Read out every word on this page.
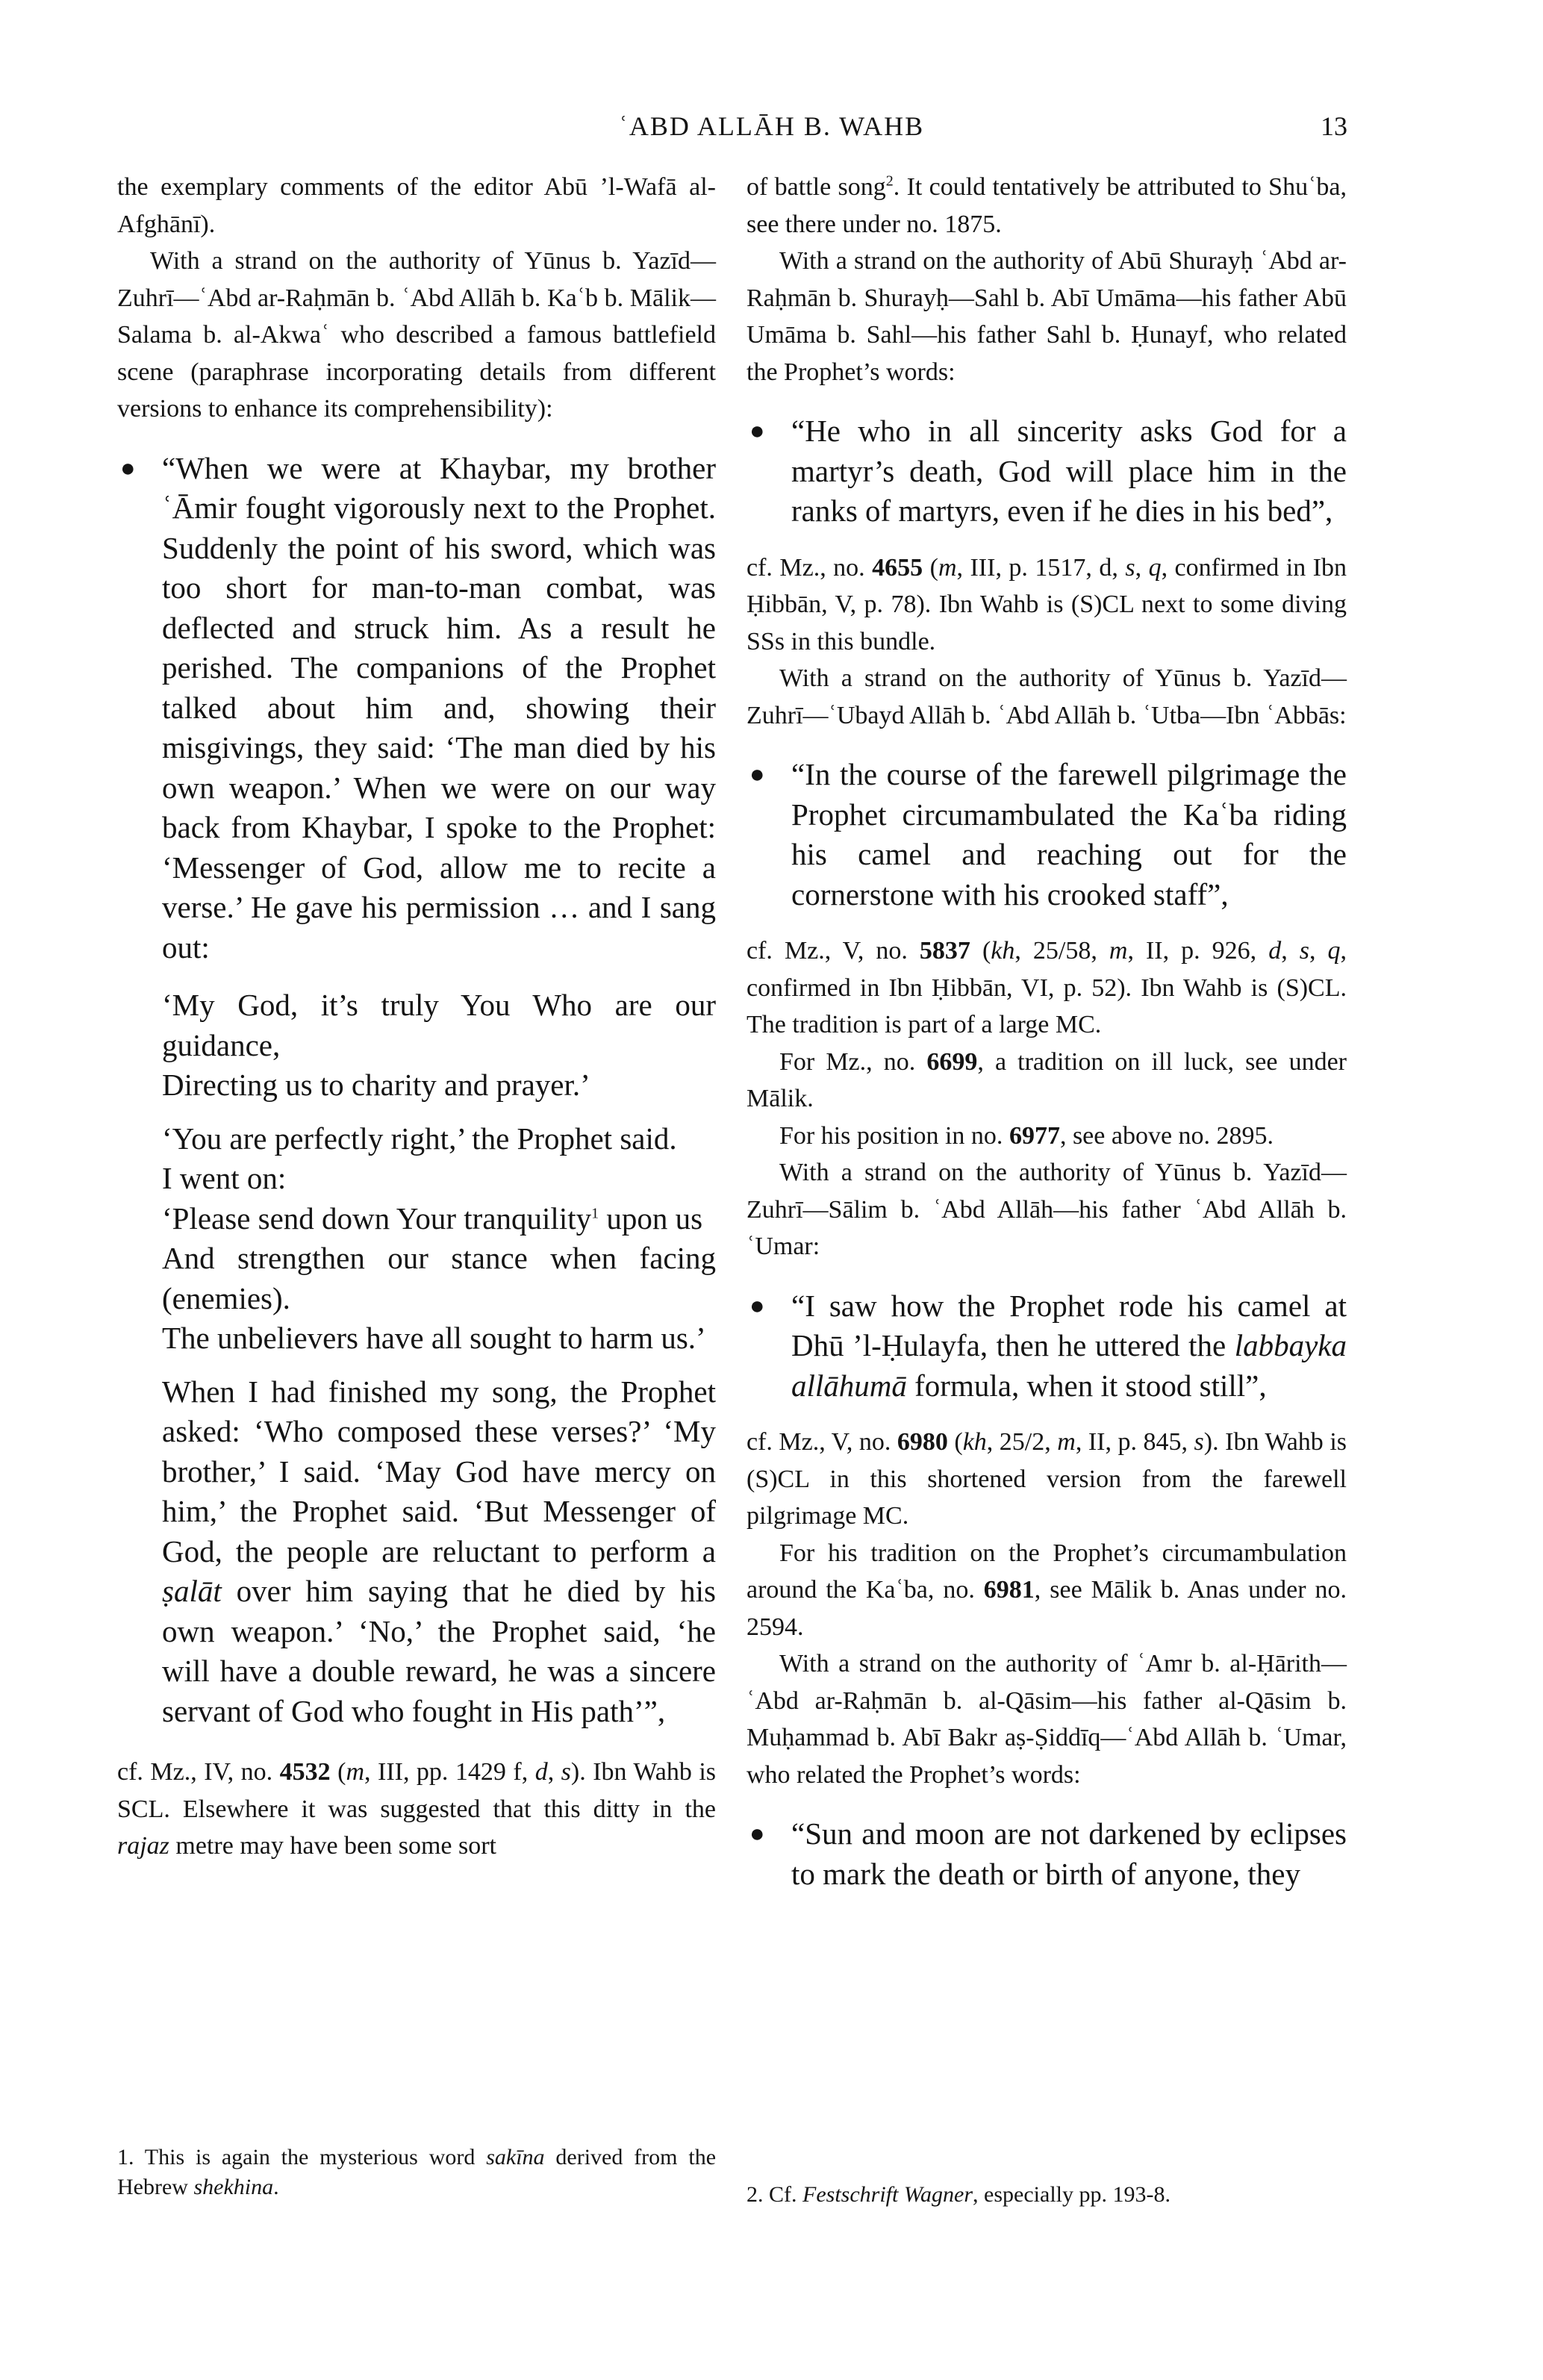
ʿABD ALLĀH B. WAHB	13

the exemplary comments of the editor Abū ’l-Wafā al-Afghānī).

With a strand on the authority of Yūnus b. Yazīd—Zuhrī—ʿAbd ar-Raḥmān b. ʿAbd Allāh b. Kaʿb b. Mālik—Salama b. al-Akwaʿ who described a famous battlefield scene (paraphrase incorporating details from different versions to enhance its comprehensibility):

● “When we were at Khaybar, my brother ʿĀmir fought vigorously next to the Prophet. Suddenly the point of his sword, which was too short for man-to-man combat, was deflected and struck him. As a result he perished. The companions of the Prophet talked about him and, showing their misgivings, they said: ‘The man died by his own weapon.’ When we were on our way back from Khaybar, I spoke to the Prophet: ‘Messenger of God, allow me to recite a verse.’ He gave his permission … and I sang out:

‘My God, it’s truly You Who are our guidance,

Directing us to charity and prayer.’

‘You are perfectly right,’ the Prophet said.

I went on:

‘Please send down Your tranquility$^1$ upon us

And strengthen our stance when facing (enemies).

The unbelievers have all sought to harm us.’

When I had finished my song, the Prophet asked: ‘Who composed these verses?’ ‘My brother,’ I said. ‘May God have mercy on him,’ the Prophet said. ‘But Messenger of God, the people are reluctant to perform a ṣalāt over him saying that he died by his own weapon.’ ‘No,’ the Prophet said, ‘he will have a double reward, he was a sincere servant of God who fought in His path’”,

cf. Mz., IV, no. 4532 (m, III, pp. 1429 f, d, s). Ibn Wahb is SCL. Elsewhere it was suggested that this ditty in the rajaz metre may have been some sort

1. This is again the mysterious word sakīna derived from the Hebrew shekhina.

of battle song$^2$. It could tentatively be attributed to Shuʿba, see there under no. 1875.

With a strand on the authority of Abū Shurayḥ ʿAbd ar-Raḥmān b. Shurayḥ—Sahl b. Abī Umāma—his father Abū Umāma b. Sahl—his father Sahl b. Ḥunayf, who related the Prophet’s words:

● “He who in all sincerity asks God for a martyr’s death, God will place him in the ranks of martyrs, even if he dies in his bed”,

cf. Mz., no. 4655 (m, III, p. 1517, d, s, q, confirmed in Ibn Ḥibbān, V, p. 78). Ibn Wahb is (S)CL next to some diving SSs in this bundle.

With a strand on the authority of Yūnus b. Yazīd—Zuhrī—ʿUbayd Allāh b. ʿAbd Allāh b. ʿUtba—Ibn ʿAbbās:

● “In the course of the farewell pilgrimage the Prophet circumambulated the Kaʿba riding his camel and reaching out for the cornerstone with his crooked staff”,

cf. Mz., V, no. 5837 (kh, 25/58, m, II, p. 926, d, s, q, confirmed in Ibn Ḥibbān, VI, p. 52). Ibn Wahb is (S)CL. The tradition is part of a large MC.

For Mz., no. 6699, a tradition on ill luck, see under Mālik.

For his position in no. 6977, see above no. 2895.

With a strand on the authority of Yūnus b. Yazīd—Zuhrī—Sālim b. ʿAbd Allāh—his father ʿAbd Allāh b. ʿUmar:

● “I saw how the Prophet rode his camel at Dhū ’l-Ḥulayfa, then he uttered the labbayka allāhumā formula, when it stood still”,

cf. Mz., V, no. 6980 (kh, 25/2, m, II, p. 845, s). Ibn Wahb is (S)CL in this shortened version from the farewell pilgrimage MC.

For his tradition on the Prophet’s circumambulation around the Kaʿba, no. 6981, see Mālik b. Anas under no. 2594.

With a strand on the authority of ʿAmr b. al-Ḥārith—ʿAbd ar-Raḥmān b. al-Qāsim—his father al-Qāsim b. Muḥammad b. Abī Bakr aṣ-Ṣiddīq—ʿAbd Allāh b. ʿUmar, who related the Prophet’s words:

● “Sun and moon are not darkened by eclipses to mark the death or birth of anyone, they

2. Cf. Festschrift Wagner, especially pp. 193-8.
